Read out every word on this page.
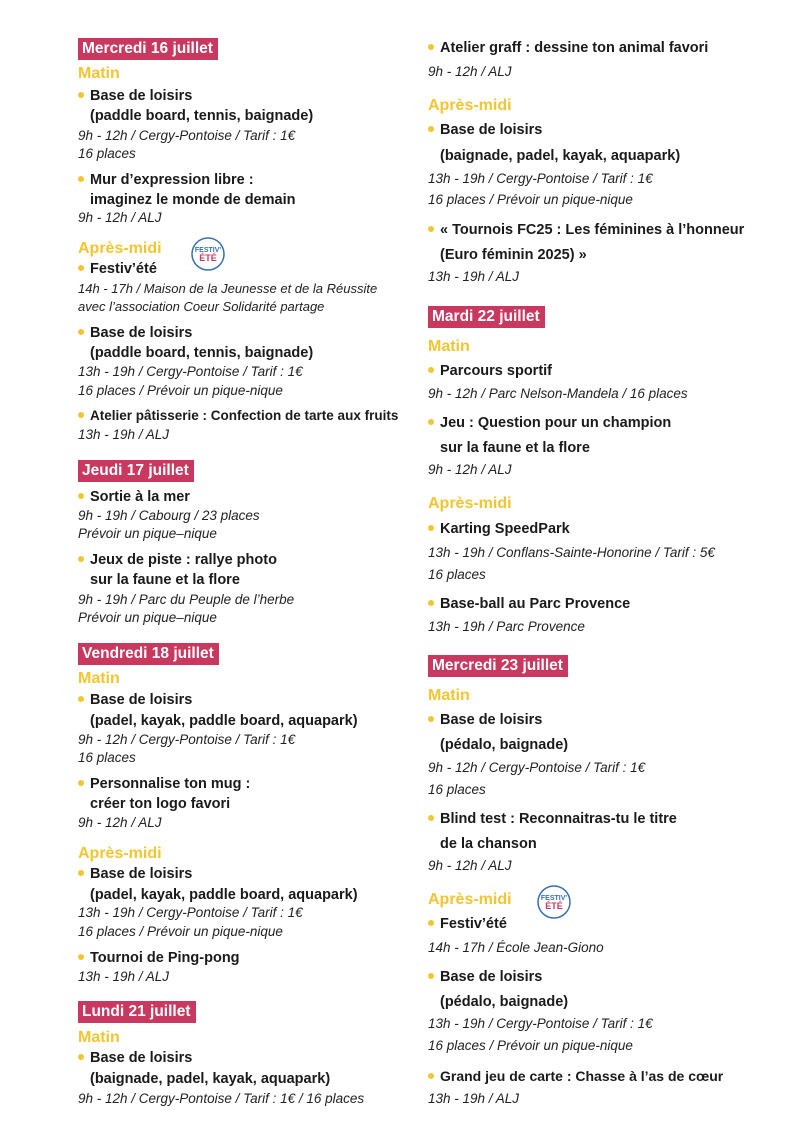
Mercredi 16 juillet
Matin
Base de loisirs
(paddle board, tennis, baignade)
9h - 12h / Cergy-Pontoise / Tarif : 1€
16 places
Mur d’expression libre :
imaginez le monde de demain
9h - 12h / ALJ
Après-midi	FESTIV'
ÉTÉ
Festiv’été
14h - 17h / Maison de la Jeunesse et de la Réussite
avec l’association Coeur Solidarité partage
Base de loisirs
(paddle board, tennis, baignade)
13h - 19h / Cergy-Pontoise / Tarif : 1€
16 places / Prévoir un pique-nique
Atelier pâtisserie : Confection de tarte aux fruits
13h - 19h / ALJ
Jeudi 17 juillet
Sortie à la mer
9h - 19h / Cabourg / 23 places
Prévoir un pique–nique
Jeux de piste : rallye photo
sur la faune et la flore
9h - 19h / Parc du Peuple de l’herbe
Prévoir un pique–nique
Vendredi 18 juillet
Matin
Base de loisirs
(padel, kayak, paddle board, aquapark)
9h - 12h / Cergy-Pontoise / Tarif : 1€
16 places
Personnalise ton mug :
créer ton logo favori
9h - 12h / ALJ
Après-midi
Base de loisirs
(padel, kayak, paddle board, aquapark)
13h - 19h / Cergy-Pontoise / Tarif : 1€
16 places / Prévoir un pique-nique
Tournoi de Ping-pong
13h - 19h / ALJ
Lundi 21 juillet
Matin
Base de loisirs
(baignade, padel, kayak, aquapark)
9h - 12h / Cergy-Pontoise / Tarif : 1€ / 16 places
Atelier graff : dessine ton animal favori
9h - 12h / ALJ
Après-midi
Base de loisirs
(baignade, padel, kayak, aquapark)
13h - 19h / Cergy-Pontoise / Tarif : 1€
16 places / Prévoir un pique-nique
« Tournois FC25 : Les féminines à l’honneur
(Euro féminin 2025) »
13h - 19h / ALJ
Mardi 22 juillet
Matin
Parcours sportif
9h - 12h / Parc Nelson-Mandela / 16 places
Jeu : Question pour un champion
sur la faune et la flore
9h - 12h / ALJ
Après-midi
Karting SpeedPark
13h - 19h / Conflans-Sainte-Honorine / Tarif : 5€
16 places
Base-ball au Parc Provence
13h - 19h / Parc Provence
Mercredi 23 juillet
Matin
Base de loisirs
(pédalo, baignade)
9h - 12h / Cergy-Pontoise / Tarif : 1€
16 places
Blind test : Reconnaitras-tu le titre
de la chanson
9h - 12h / ALJ
Après-midi	FESTIV'
ÉTÉ
Festiv’été
14h - 17h / École Jean-Giono
Base de loisirs
(pédalo, baignade)
13h - 19h / Cergy-Pontoise / Tarif : 1€
16 places / Prévoir un pique-nique
Grand jeu de carte : Chasse à l’as de cœur
13h - 19h / ALJ
